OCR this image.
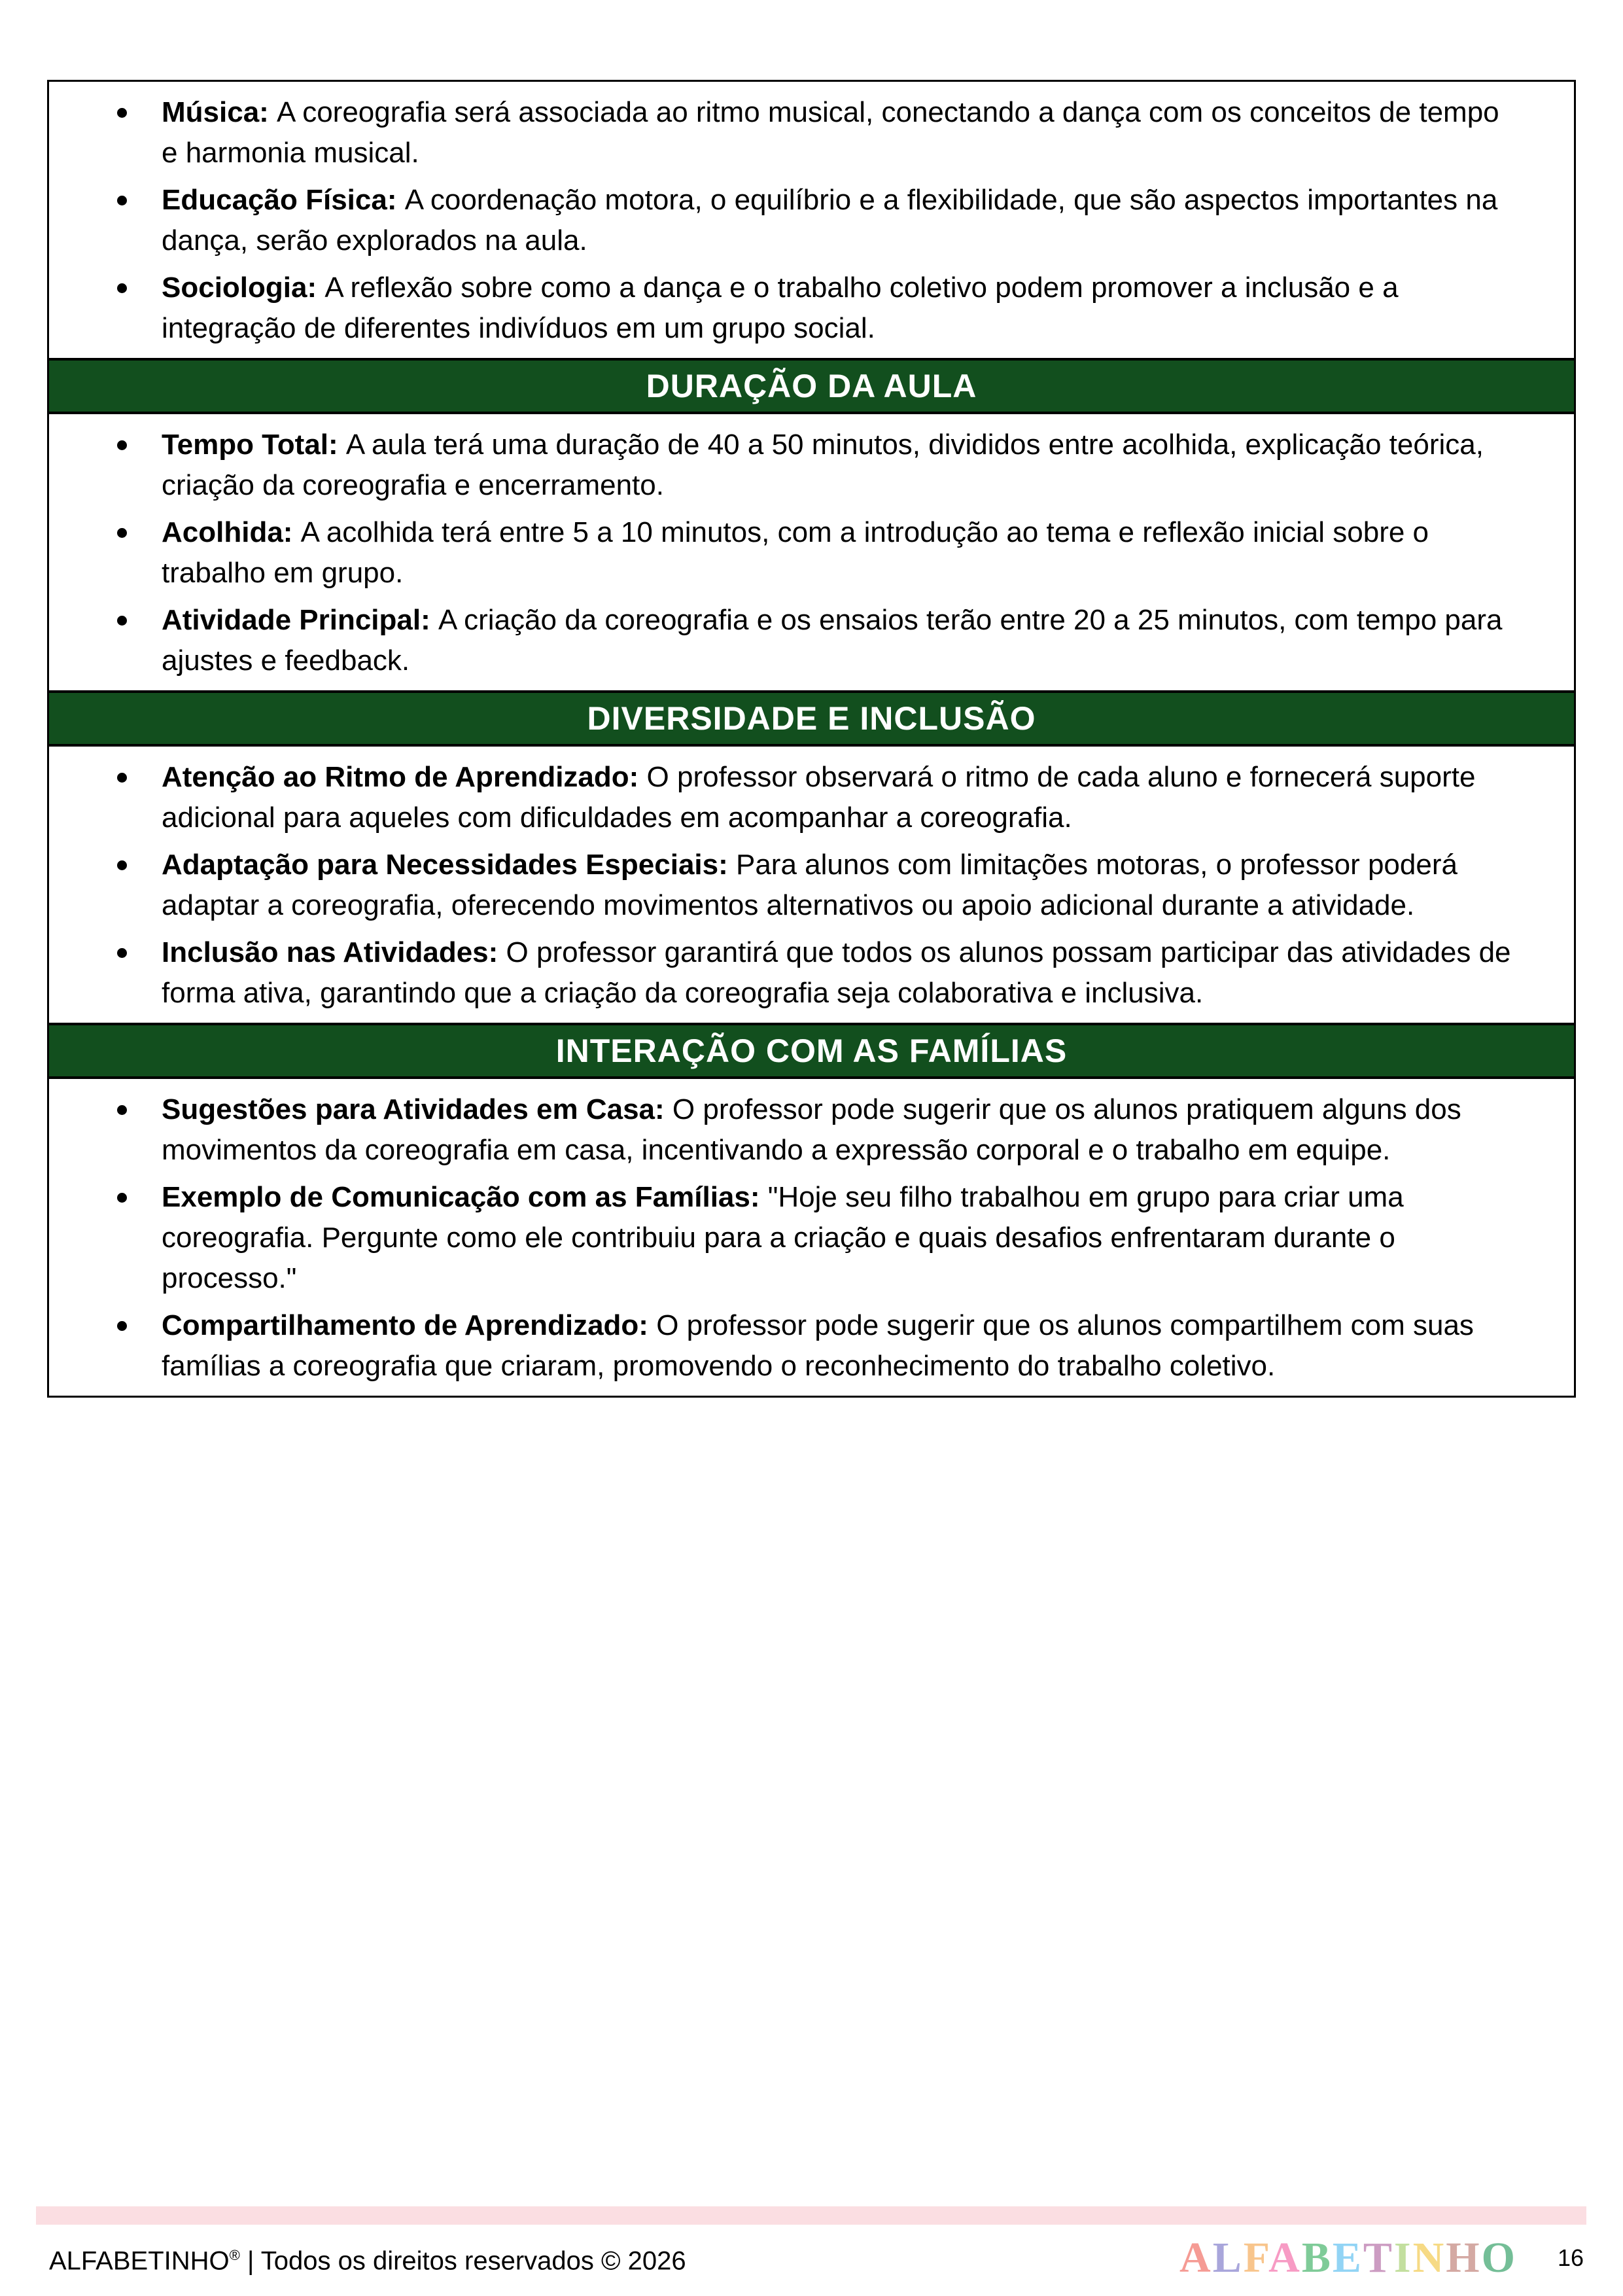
Música: A coreografia será associada ao ritmo musical, conectando a dança com os conceitos de tempo e harmonia musical.
Educação Física: A coordenação motora, o equilíbrio e a flexibilidade, que são aspectos importantes na dança, serão explorados na aula.
Sociologia: A reflexão sobre como a dança e o trabalho coletivo podem promover a inclusão e a integração de diferentes indivíduos em um grupo social.
DURAÇÃO DA AULA
Tempo Total: A aula terá uma duração de 40 a 50 minutos, divididos entre acolhida, explicação teórica, criação da coreografia e encerramento.
Acolhida: A acolhida terá entre 5 a 10 minutos, com a introdução ao tema e reflexão inicial sobre o trabalho em grupo.
Atividade Principal: A criação da coreografia e os ensaios terão entre 20 a 25 minutos, com tempo para ajustes e feedback.
DIVERSIDADE E INCLUSÃO
Atenção ao Ritmo de Aprendizado: O professor observará o ritmo de cada aluno e fornecerá suporte adicional para aqueles com dificuldades em acompanhar a coreografia.
Adaptação para Necessidades Especiais: Para alunos com limitações motoras, o professor poderá adaptar a coreografia, oferecendo movimentos alternativos ou apoio adicional durante a atividade.
Inclusão nas Atividades: O professor garantirá que todos os alunos possam participar das atividades de forma ativa, garantindo que a criação da coreografia seja colaborativa e inclusiva.
INTERAÇÃO COM AS FAMÍLIAS
Sugestões para Atividades em Casa: O professor pode sugerir que os alunos pratiquem alguns dos movimentos da coreografia em casa, incentivando a expressão corporal e o trabalho em equipe.
Exemplo de Comunicação com as Famílias: "Hoje seu filho trabalhou em grupo para criar uma coreografia. Pergunte como ele contribuiu para a criação e quais desafios enfrentaram durante o processo."
Compartilhamento de Aprendizado: O professor pode sugerir que os alunos compartilhem com suas famílias a coreografia que criaram, promovendo o reconhecimento do trabalho coletivo.
ALFABETINHO® | Todos os direitos reservados © 2026	ALFABETINHO 16
